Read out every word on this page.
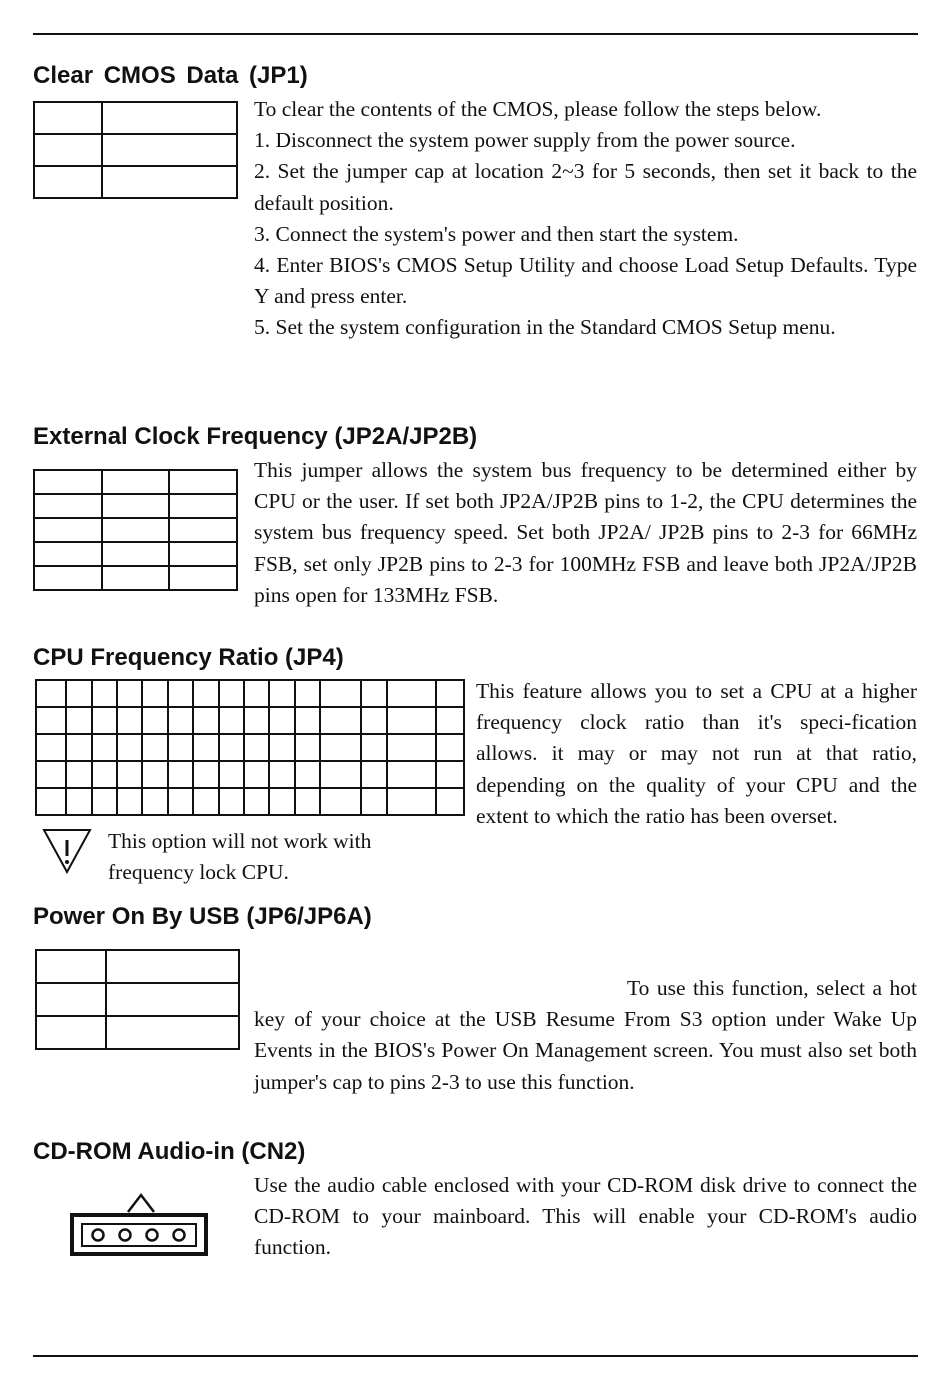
Clear CMOS Data (JP1)

To clear the contents of the CMOS, please follow the steps below.

1. Disconnect the system power supply from the power source.

2. Set the jumper cap at location 2~3 for 5 seconds, then set it back to the default position.

3. Connect the system's power and then start the system.

4. Enter BIOS's CMOS Setup Utility and choose Load Setup Defaults. Type Y and press enter.

5. Set the system configuration in the Standard CMOS Setup menu.

External Clock Frequency (JP2A/JP2B)

This jumper allows the system bus frequency to be determined either by CPU or the user. If set both JP2A/JP2B pins to 1-2, the CPU determines the system bus frequency speed. Set both JP2A/ JP2B pins to 2-3 for 66MHz FSB, set only JP2B pins to 2-3 for 100MHz FSB and leave both JP2A/JP2B pins open for 133MHz FSB.
CPU Frequency Ratio (JP4)

This option will not work with frequency lock CPU.
This feature allows you to set a CPU at a higher frequency clock ratio than it's speci-fication allows. it may or may not run at that ratio, depending on the quality of your CPU and the extent to which the ratio has been overset.
Power On By USB (JP6/JP6A)

To use this function, select a hot key of your choice at the USB Resume From S3 option under Wake Up Events in the BIOS's Power On Management screen. You must also set both jumper's cap to pins 2-3 to use this function.
CD-ROM Audio-in (CN2)
Use the audio cable enclosed with your CD-ROM disk drive to connect the CD-ROM to your mainboard. This will enable your CD-ROM's audio function.
